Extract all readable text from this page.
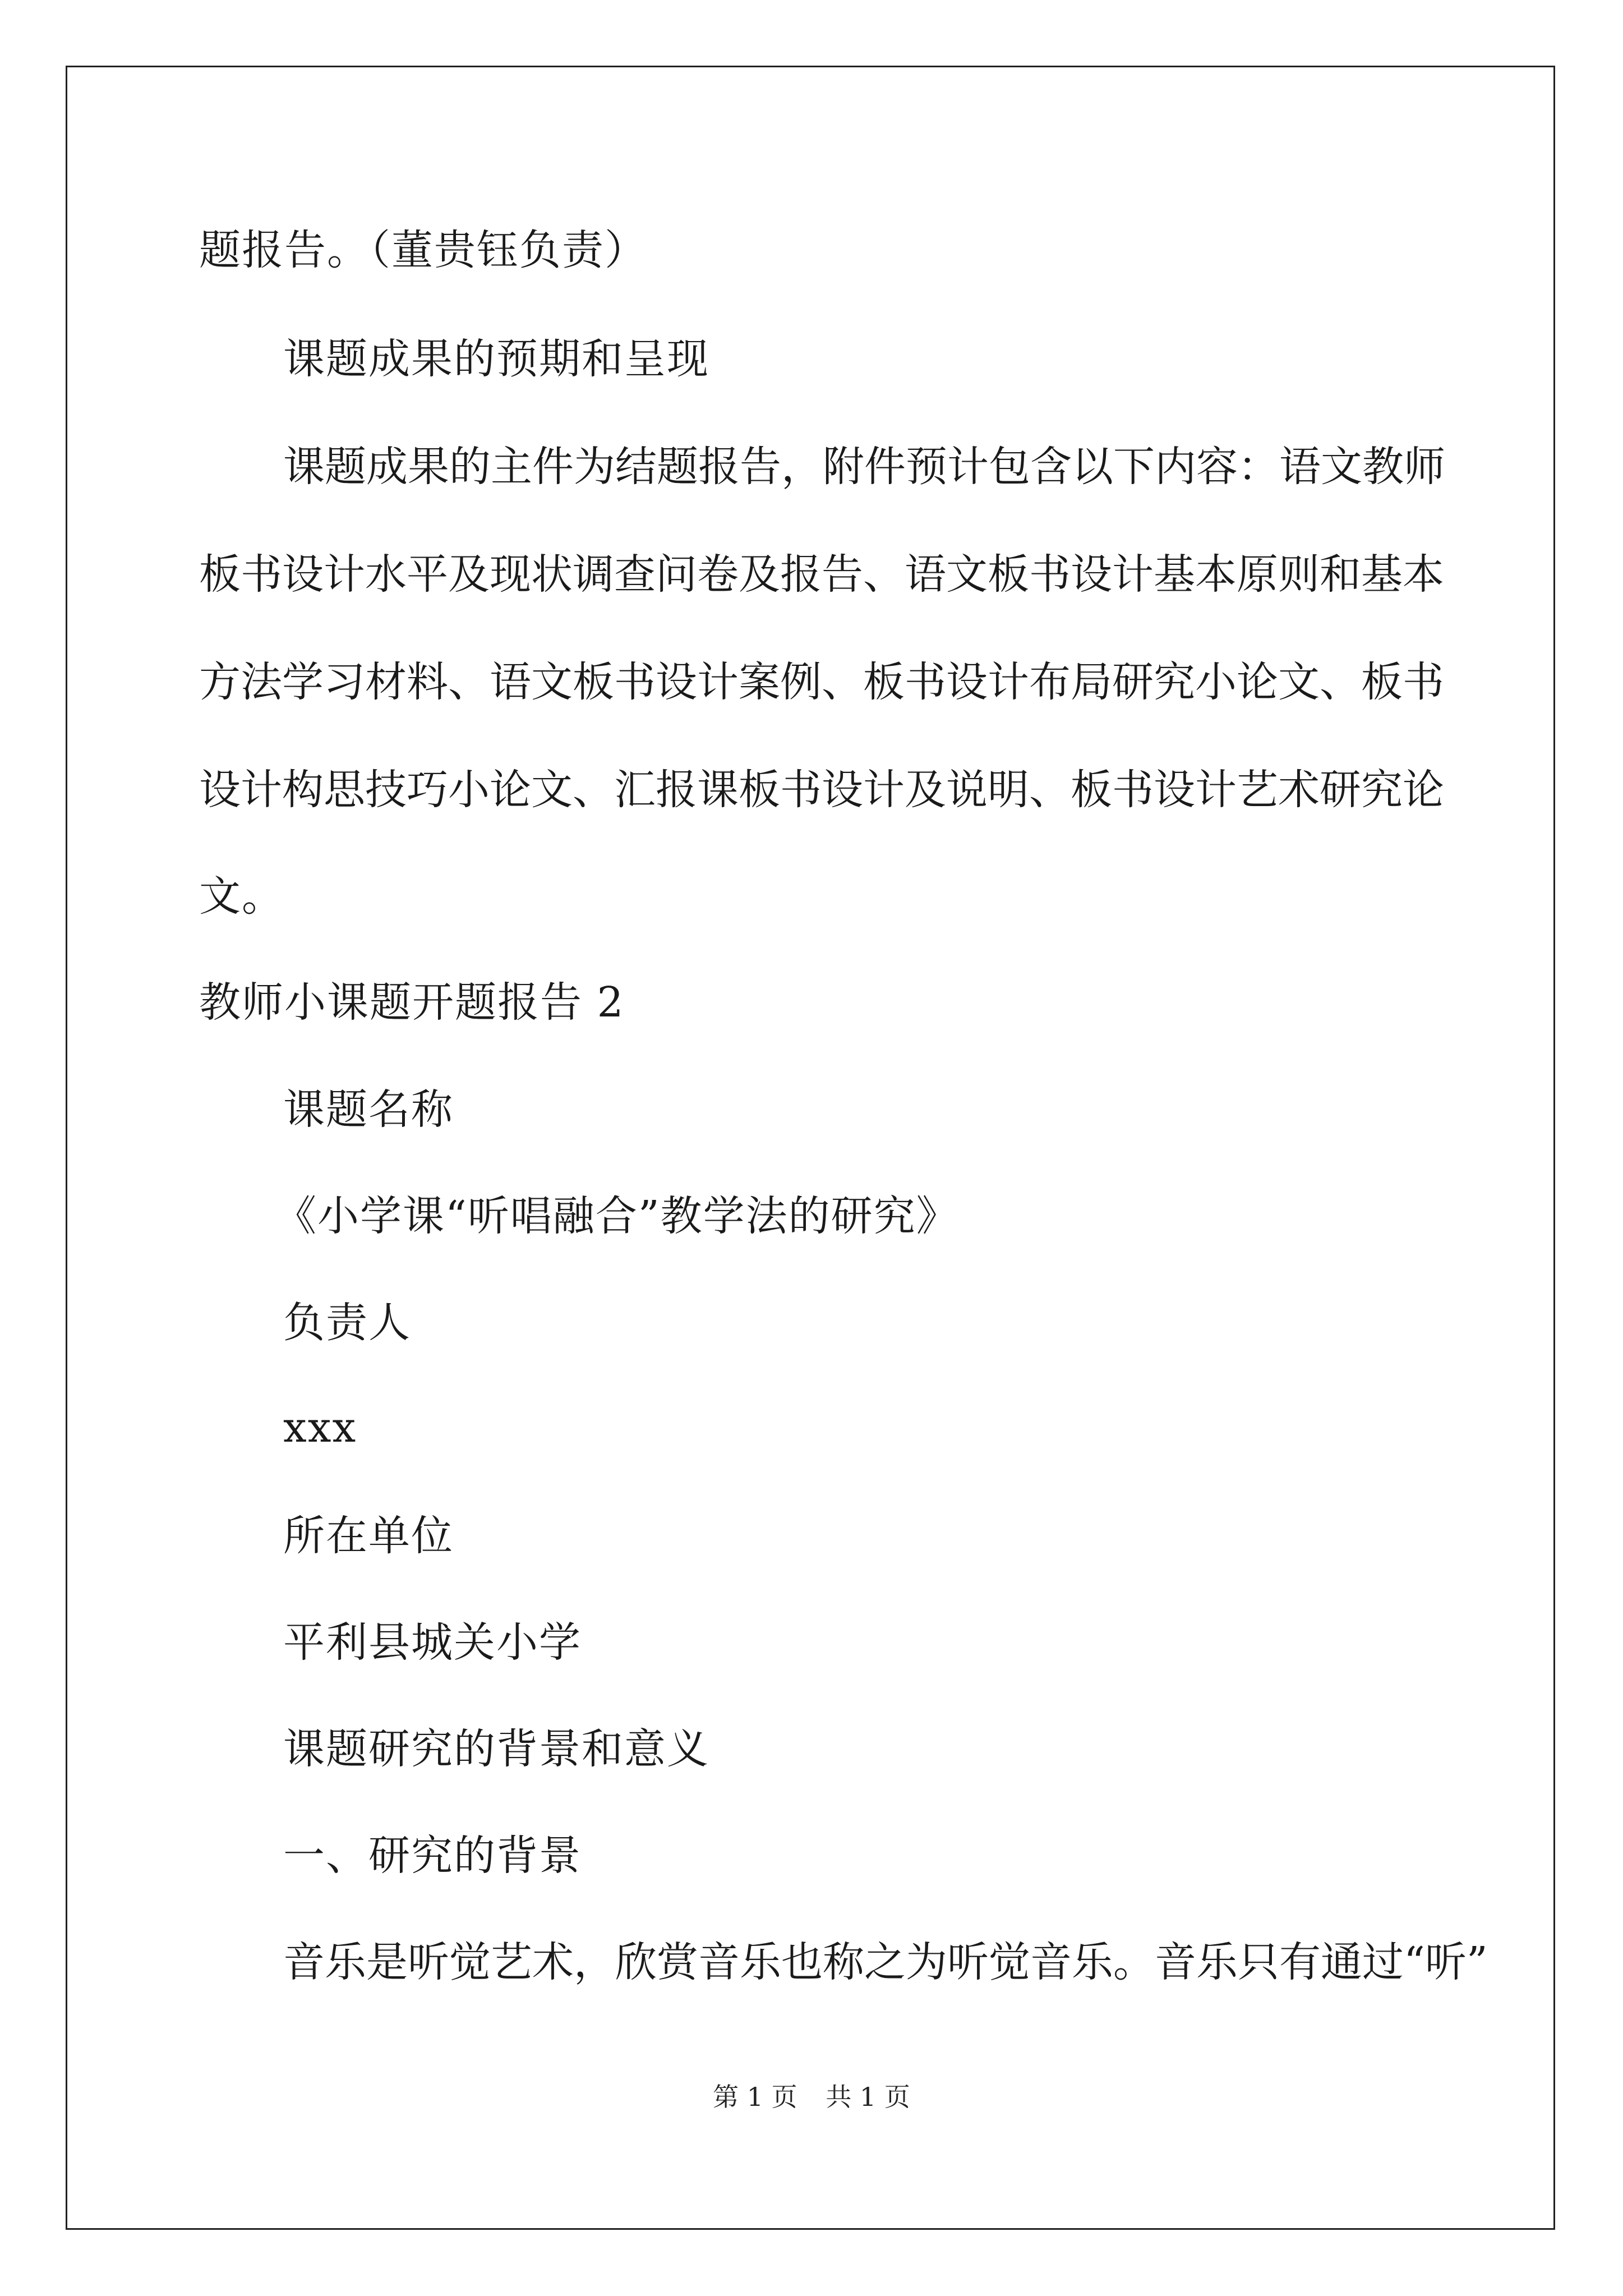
题报告。（董贵钰负责）
课题成果的预期和呈现
课题成果的主件为结题报告，附件预计包含以下内容：语文教师
板书设计水平及现状调查问卷及报告、语文板书设计基本原则和基本
方法学习材料、语文板书设计案例、板书设计布局研究小论文、板书
设计构思技巧小论文、汇报课板书设计及说明、板书设计艺术研究论
文。
教师小课题开题报告 2
课题名称
《小学课“听唱融合”教学法的研究》
负责人
xxx
所在单位
平利县城关小学
课题研究的背景和意义
一、研究的背景
音乐是听觉艺术，欣赏音乐也称之为听觉音乐。音乐只有通过“听”
第 1 页 共 1 页
